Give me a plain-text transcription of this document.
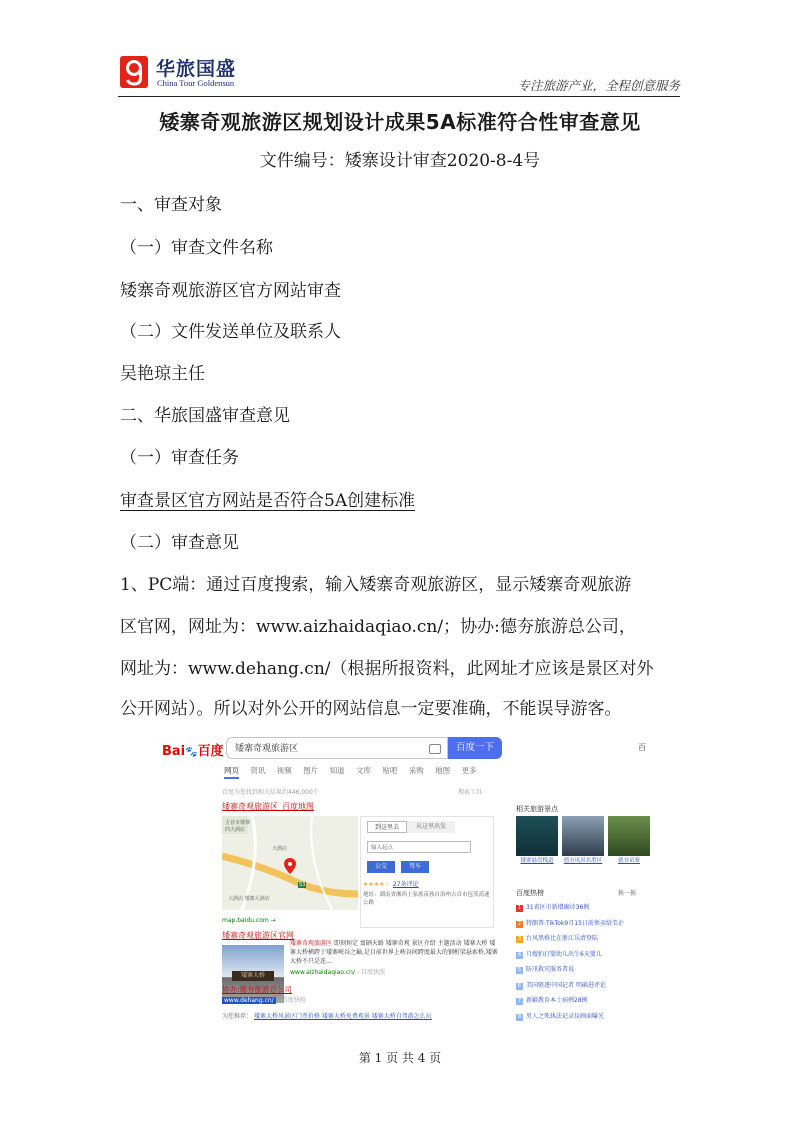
华旅国盛
China Tour Goldensun	专注旅游产业，全程创意服务
矮寨奇观旅游区规划设计成果5A标准符合性审查意见
文件编号：矮寨设计审查2020-8-4号
一、审查对象
（一）审查文件名称
矮寨奇观旅游区官方网站审查
（二）文件发送单位及联系人
吴艳琼主任
二、华旅国盛审查意见
（一）审查任务
审查景区官方网站是否符合5A创建标准
（二）审查意见
1、PC端：通过百度搜索，输入矮寨奇观旅游区，显示矮寨奇观旅游
区官网，网址为：www.aizhaidaqiao.cn/；协办:德夯旅游总公司，
网址为：www.dehang.cn/（根据所报资料，此网址才应该是景区对外
公开网站）。所以对外公开的网站信息一定要准确，不能误导游客。
Bai🐾百度	矮寨奇观旅游区	百度一下	百
网页 资讯 视频 图片 知道 文库 贴吧 采购 地图 更多
百度为您找到相关结果约446,000个	搜索工具
矮寨奇观旅游区_百度地图
吉首市矮寨
四大酒店
大酒店
S3
大酒店 矮寨大酒店
到这里去	从这里出发
输入起点
公交	驾车
★★★★☆ 27条评论
地址：湖南省湘西土家族苗族自治州吉首市包茂高速公路
map.baidu.com →
矮寨奇观旅游区官网
矮寨大桥
矮寨奇观旅游区 即刻预定 富硒天路 矮寨奇观 景区介绍 主题活动 矮寨大桥 矮寨大桥横跨于矮寨峡谷之巅,是目前世界上峡谷间跨度最大的钢桁梁悬索桥,矮寨大桥不只是连...
www.aizhaidaqiao.cn/ - 百度快照
协办:德夯旅游总公司
www.dehang.cn/ - 百度快照
为您推荐： 矮寨大桥风景区门票价格 矮寨大桥免费观景 矮寨大桥自驾游怎么玩
相关旅游景点
矮寨悬崖栈道	德夯风景名胜区	德夯苗寨
百度热榜	换一换
1 31省区市新增确诊36例
2 特朗普:TikTok9月15日前须卖给美企
3 台风黑格比在浙江乐清登陆
4 月嫂拍打婴幼儿出生6天婴儿
5 防汛救灾服务者说
6 美国驱逐中国记者 明确进评论
7 新疆教育本土病例28例
8 男人之死执法记录仪画面曝光
第 1 页 共 4 页
